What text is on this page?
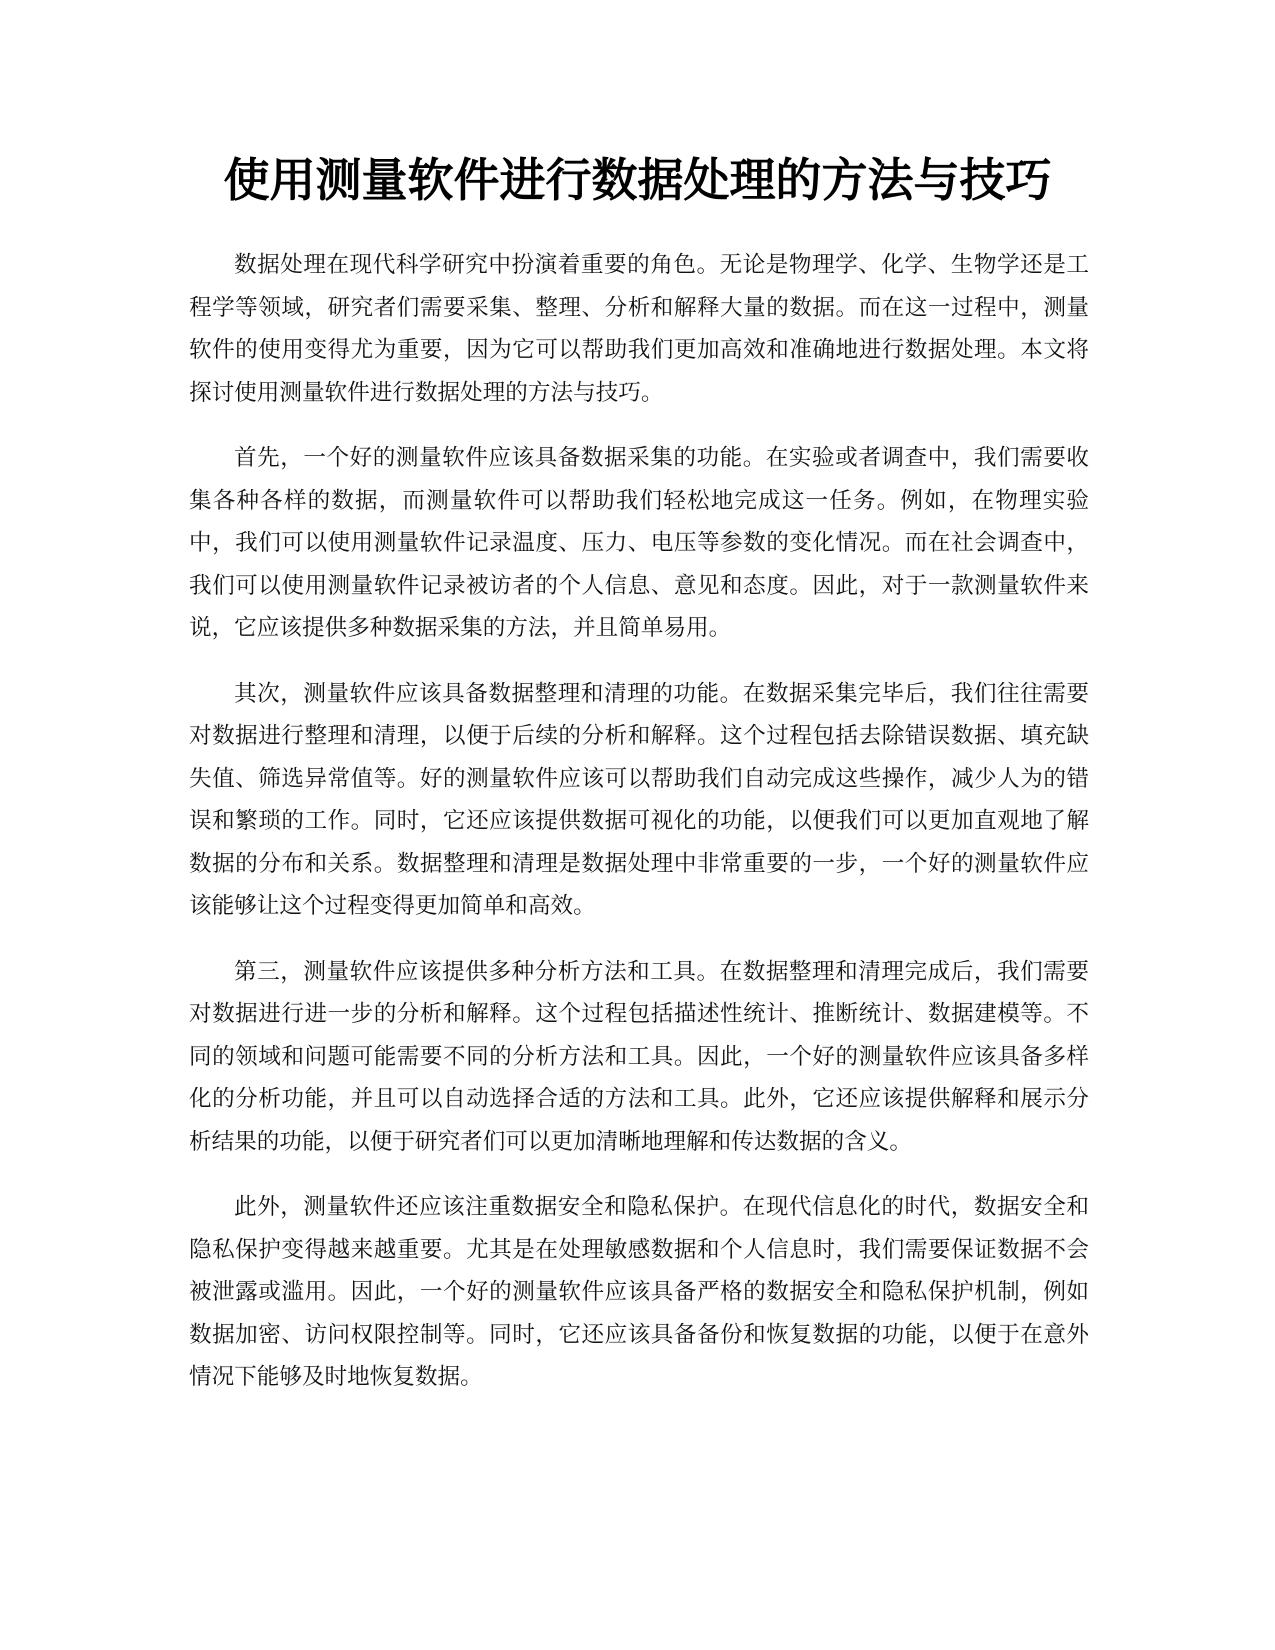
使用测量软件进行数据处理的方法与技巧

数据处理在现代科学研究中扮演着重要的角色。无论是物理学、化学、生物学还是工程学等领域，研究者们需要采集、整理、分析和解释大量的数据。而在这一过程中，测量软件的使用变得尤为重要，因为它可以帮助我们更加高效和准确地进行数据处理。本文将探讨使用测量软件进行数据处理的方法与技巧。

首先，一个好的测量软件应该具备数据采集的功能。在实验或者调查中，我们需要收集各种各样的数据，而测量软件可以帮助我们轻松地完成这一任务。例如，在物理实验中，我们可以使用测量软件记录温度、压力、电压等参数的变化情况。而在社会调查中，我们可以使用测量软件记录被访者的个人信息、意见和态度。因此，对于一款测量软件来说，它应该提供多种数据采集的方法，并且简单易用。

其次，测量软件应该具备数据整理和清理的功能。在数据采集完毕后，我们往往需要对数据进行整理和清理，以便于后续的分析和解释。这个过程包括去除错误数据、填充缺失值、筛选异常值等。好的测量软件应该可以帮助我们自动完成这些操作，减少人为的错误和繁琐的工作。同时，它还应该提供数据可视化的功能，以便我们可以更加直观地了解数据的分布和关系。数据整理和清理是数据处理中非常重要的一步，一个好的测量软件应该能够让这个过程变得更加简单和高效。

第三，测量软件应该提供多种分析方法和工具。在数据整理和清理完成后，我们需要对数据进行进一步的分析和解释。这个过程包括描述性统计、推断统计、数据建模等。不同的领域和问题可能需要不同的分析方法和工具。因此，一个好的测量软件应该具备多样化的分析功能，并且可以自动选择合适的方法和工具。此外，它还应该提供解释和展示分析结果的功能，以便于研究者们可以更加清晰地理解和传达数据的含义。

此外，测量软件还应该注重数据安全和隐私保护。在现代信息化的时代，数据安全和隐私保护变得越来越重要。尤其是在处理敏感数据和个人信息时，我们需要保证数据不会被泄露或滥用。因此，一个好的测量软件应该具备严格的数据安全和隐私保护机制，例如数据加密、访问权限控制等。同时，它还应该具备备份和恢复数据的功能，以便于在意外情况下能够及时地恢复数据。
